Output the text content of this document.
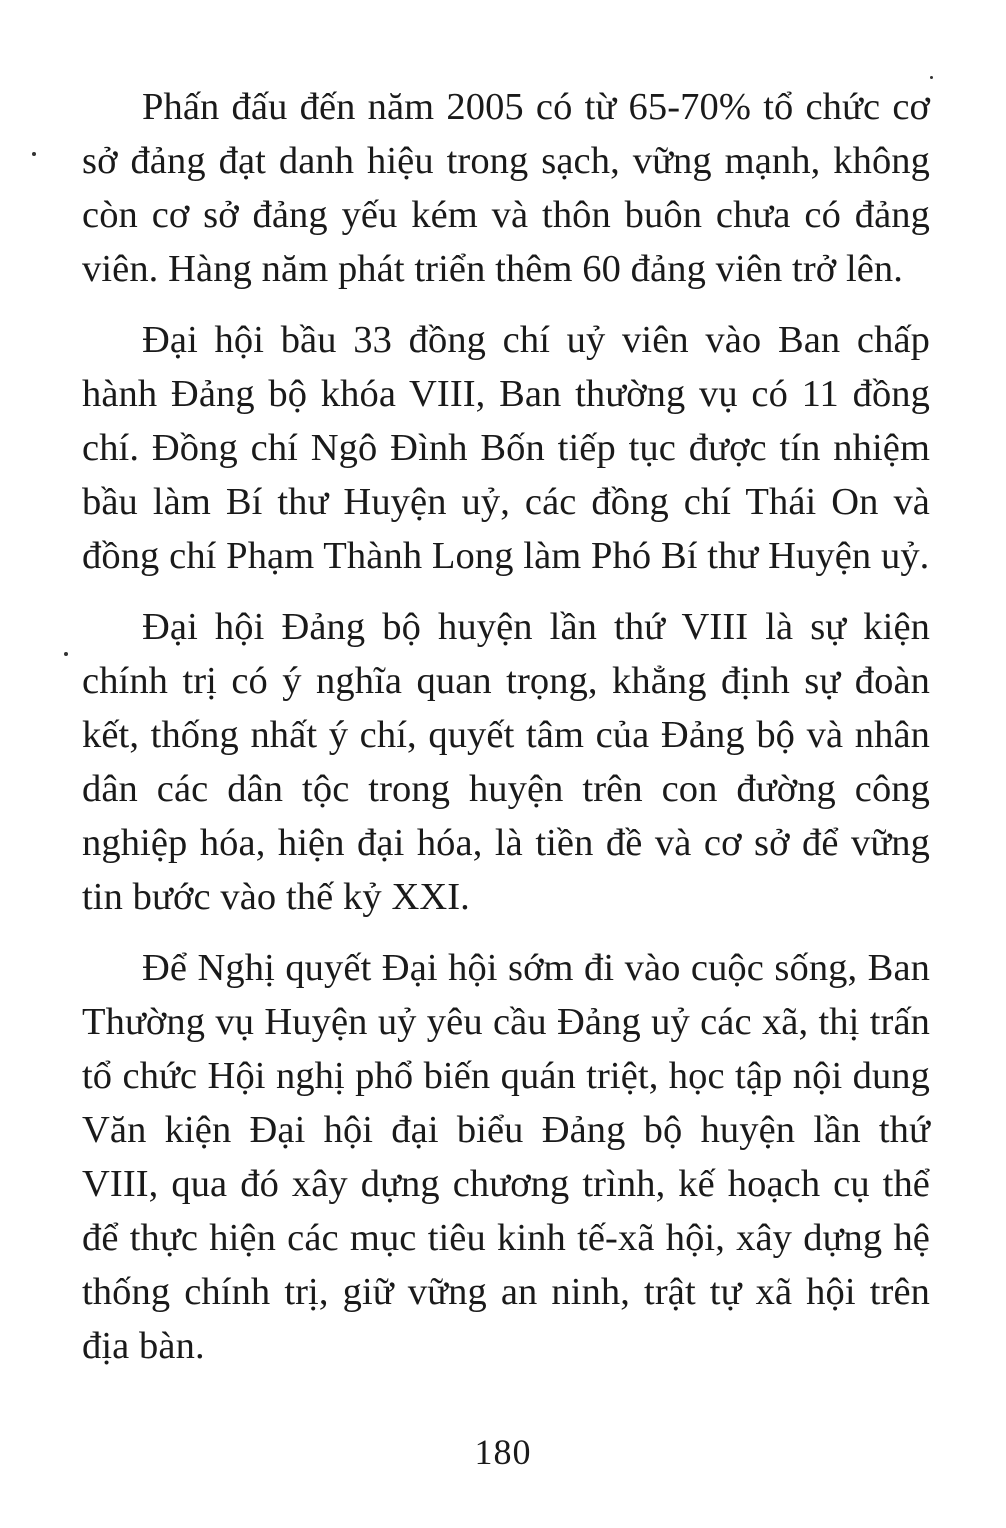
Phấn đấu đến năm 2005 có từ 65-70% tổ chức cơ sở đảng đạt danh hiệu trong sạch, vững mạnh, không còn cơ sở đảng yếu kém và thôn buôn chưa có đảng viên. Hàng năm phát triển thêm 60 đảng viên trở lên.

Đại hội bầu 33 đồng chí uỷ viên vào Ban chấp hành Đảng bộ khóa VIII, Ban thường vụ có 11 đồng chí. Đồng chí Ngô Đình Bốn tiếp tục được tín nhiệm bầu làm Bí thư Huyện uỷ, các đồng chí Thái On và đồng chí Phạm Thành Long làm Phó Bí thư Huyện uỷ.

Đại hội Đảng bộ huyện lần thứ VIII là sự kiện chính trị có ý nghĩa quan trọng, khẳng định sự đoàn kết, thống nhất ý chí, quyết tâm của Đảng bộ và nhân dân các dân tộc trong huyện trên con đường công nghiệp hóa, hiện đại hóa, là tiền đề và cơ sở để vững tin bước vào thế kỷ XXI.

Để Nghị quyết Đại hội sớm đi vào cuộc sống, Ban Thường vụ Huyện uỷ yêu cầu Đảng uỷ các xã, thị trấn tổ chức Hội nghị phổ biến quán triệt, học tập nội dung Văn kiện Đại hội đại biểu Đảng bộ huyện lần thứ VIII, qua đó xây dựng chương trình, kế hoạch cụ thể để thực hiện các mục tiêu kinh tế-xã hội, xây dựng hệ thống chính trị, giữ vững an ninh, trật tự xã hội trên địa bàn.

180
